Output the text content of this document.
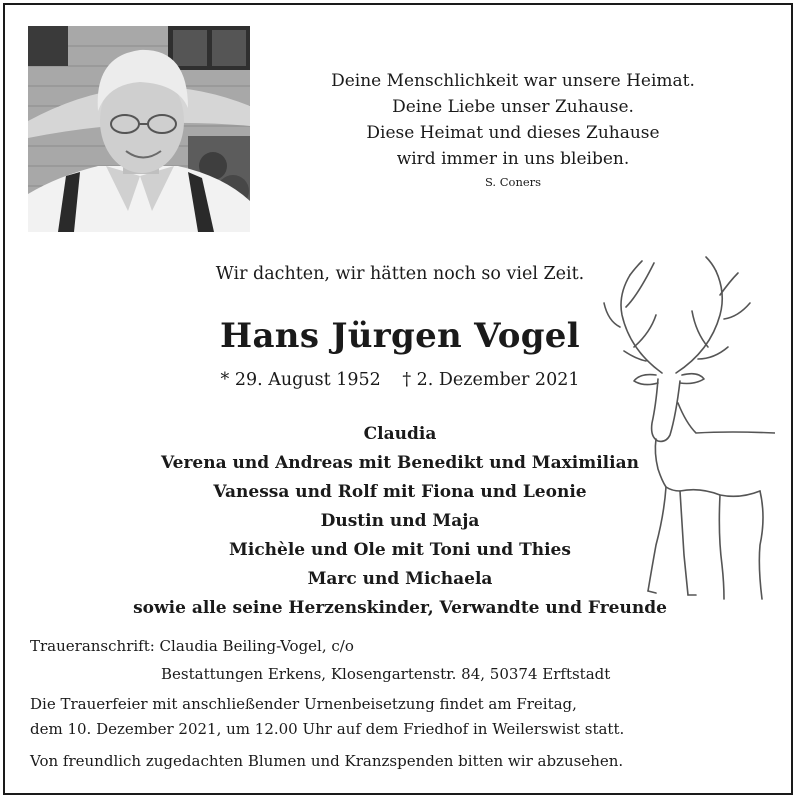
Deine Menschlichkeit war unsere Heimat.
Deine Liebe unser Zuhause.
Diese Heimat und dieses Zuhause
wird immer in uns bleiben.
S. Coners
Wir dachten, wir hätten noch so viel Zeit.
Hans Jürgen Vogel
* 29. August 1952 † 2. Dezember 2021
Claudia
Verena und Andreas mit Benedikt und Maximilian
Vanessa und Rolf mit Fiona und Leonie
Dustin und Maja
Michèle und Ole mit Toni und Thies
Marc und Michaela
sowie alle seine Herzenskinder, Verwandte und Freunde
Traueranschrift: Claudia Beiling-Vogel, c/o
Bestattungen Erkens, Klosengartenstr. 84, 50374 Erftstadt
Die Trauerfeier mit anschließender Urnenbeisetzung findet am Freitag,
dem 10. Dezember 2021, um 12.00 Uhr auf dem Friedhof in Weilerswist statt.
Von freundlich zugedachten Blumen und Kranzspenden bitten wir abzusehen.
